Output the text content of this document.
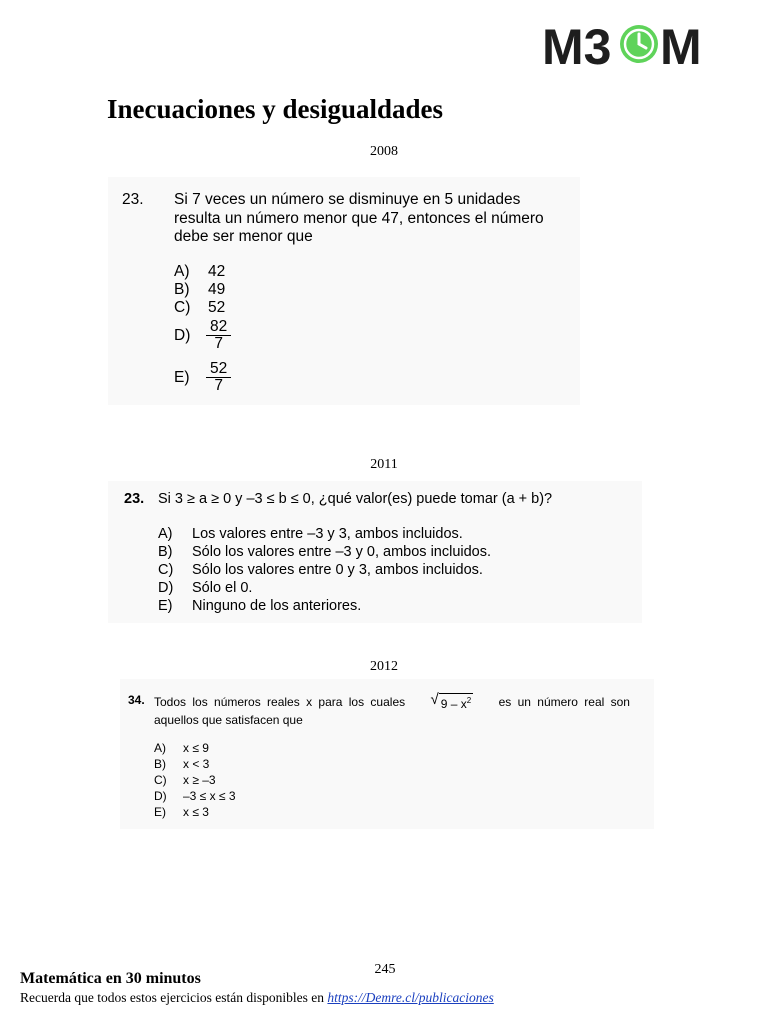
M3 M
Inecuaciones y desigualdades
2008
23. Si 7 veces un número se disminuye en 5 unidades
resulta un número menor que 47, entonces el número
debe ser menor que
A) 42
B) 49
C) 52
$D) \frac{82}{7}$
$E) \frac{52}{7}$
2011
23. Si 3 ≥ a ≥ 0 y –3 ≤ b ≤ 0, ¿qué valor(es) puede tomar (a + b)?
A) Los valores entre –3 y 3, ambos incluidos.
B) Sólo los valores entre –3 y 0, ambos incluidos.
C) Sólo los valores entre 0 y 3, ambos incluidos.
D) Sólo el 0.
E) Ninguno de los anteriores.
2012
34. Todos los números reales x para los cuales √ $9 - x^2$ es un número real son
aquellos que satisfacen que
A) x ≤ 9
B) x < 3
C) x ≥ –3
D) –3 ≤ x ≤ 3
E) x ≤ 3
245
Matemática en 30 minutos
Recuerda que todos estos ejercicios están disponibles en https://Demre.cl/publicaciones
